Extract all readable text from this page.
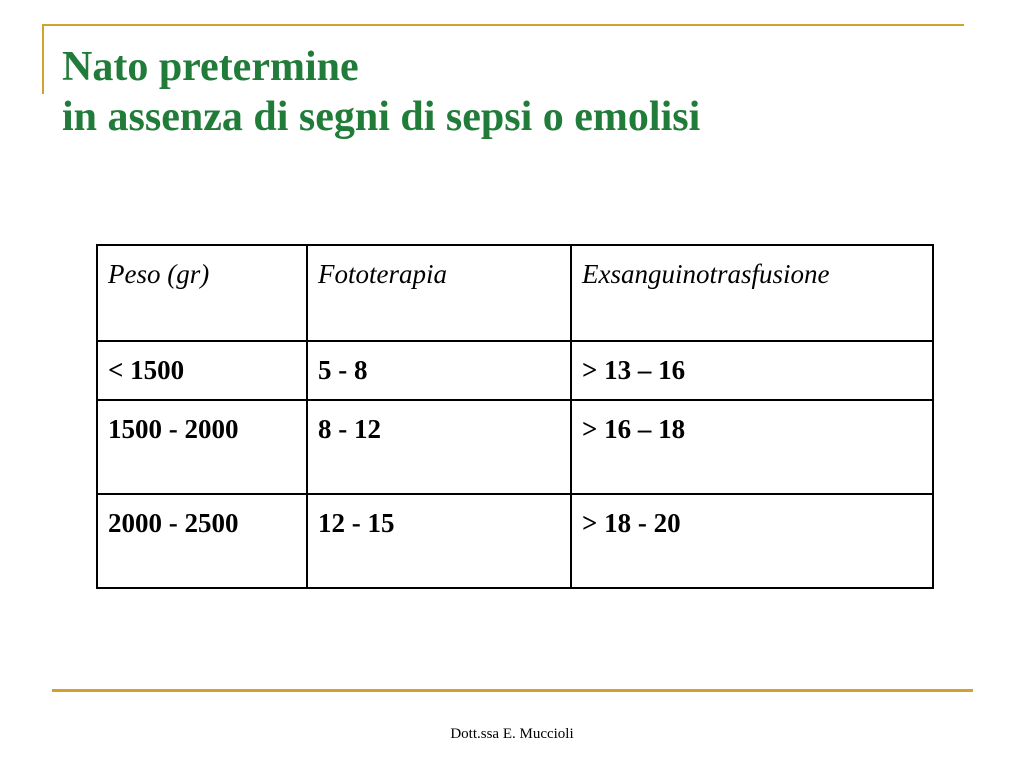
Nato pretermine
in assenza di segni di sepsi o emolisi
Peso (gr)	Fototerapia	Exsanguinotrasfusione
< 1500	5 - 8	> 13 – 16
1500 - 2000	8 - 12	> 16 – 18
2000 - 2500	12 - 15	> 18 - 20
Dott.ssa E. Muccioli
